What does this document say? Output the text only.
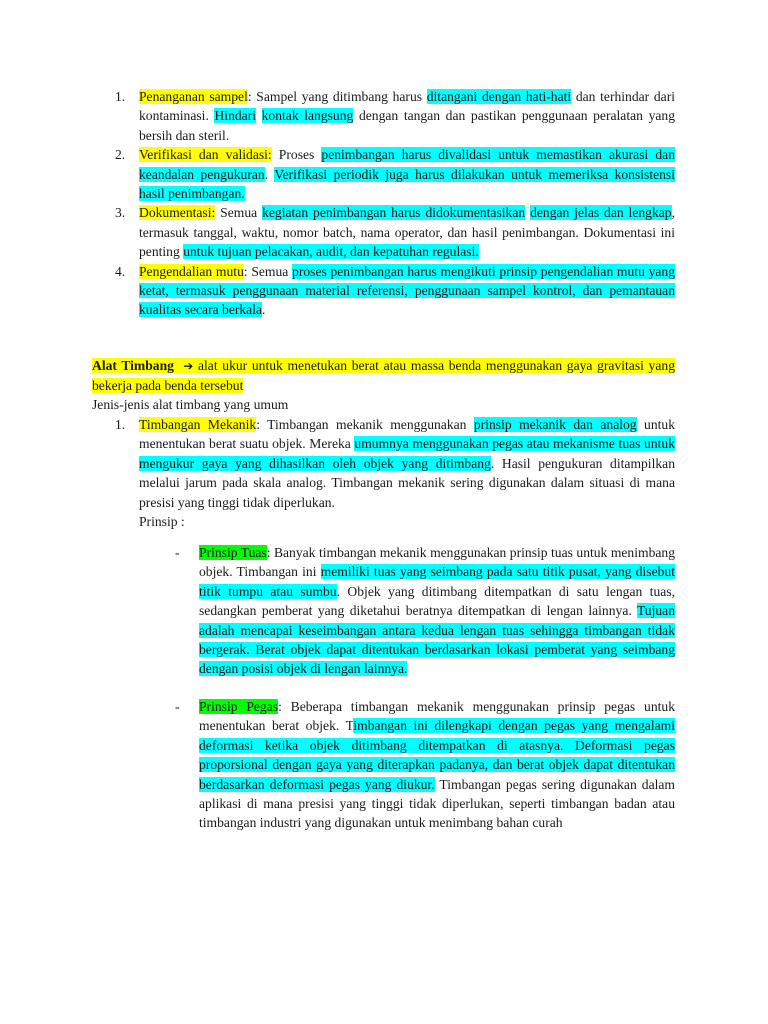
1. Penanganan sampel: Sampel yang ditimbang harus ditangani dengan hati-hati dan terhindar dari kontaminasi. Hindari kontak langsung dengan tangan dan pastikan penggunaan peralatan yang bersih dan steril.

2. Verifikasi dan validasi: Proses penimbangan harus divalidasi untuk memastikan akurasi dan keandalan pengukuran. Verifikasi periodik juga harus dilakukan untuk memeriksa konsistensi hasil penimbangan.

3. Dokumentasi: Semua kegiatan penimbangan harus didokumentasikan dengan jelas dan lengkap, termasuk tanggal, waktu, nomor batch, nama operator, dan hasil penimbangan. Dokumentasi ini penting untuk tujuan pelacakan, audit, dan kepatuhan regulasi.

4. Pengendalian mutu: Semua proses penimbangan harus mengikuti prinsip pengendalian mutu yang ketat, termasuk penggunaan material referensi, penggunaan sampel kontrol, dan pemantauan kualitas secara berkala.

Alat Timbang ➔ alat ukur untuk menetukan berat atau massa benda menggunakan gaya gravitasi yang bekerja pada benda tersebut

Jenis-jenis alat timbang yang umum

1. Timbangan Mekanik: Timbangan mekanik menggunakan prinsip mekanik dan analog untuk menentukan berat suatu objek. Mereka umumnya menggunakan pegas atau mekanisme tuas untuk mengukur gaya yang dihasilkan oleh objek yang ditimbang. Hasil pengukuran ditampilkan melalui jarum pada skala analog. Timbangan mekanik sering digunakan dalam situasi di mana presisi yang tinggi tidak diperlukan.

Prinsip :

- Prinsip Tuas: Banyak timbangan mekanik menggunakan prinsip tuas untuk menimbang objek. Timbangan ini memiliki tuas yang seimbang pada satu titik pusat, yang disebut titik tumpu atau sumbu. Objek yang ditimbang ditempatkan di satu lengan tuas, sedangkan pemberat yang diketahui beratnya ditempatkan di lengan lainnya. Tujuan adalah mencapai keseimbangan antara kedua lengan tuas sehingga timbangan tidak bergerak. Berat objek dapat ditentukan berdasarkan lokasi pemberat yang seimbang dengan posisi objek di lengan lainnya.

- Prinsip Pegas: Beberapa timbangan mekanik menggunakan prinsip pegas untuk menentukan berat objek. Timbangan ini dilengkapi dengan pegas yang mengalami deformasi ketika objek ditimbang ditempatkan di atasnya. Deformasi pegas proporsional dengan gaya yang diterapkan padanya, dan berat objek dapat ditentukan berdasarkan deformasi pegas yang diukur. Timbangan pegas sering digunakan dalam aplikasi di mana presisi yang tinggi tidak diperlukan, seperti timbangan badan atau timbangan industri yang digunakan untuk menimbang bahan curah
